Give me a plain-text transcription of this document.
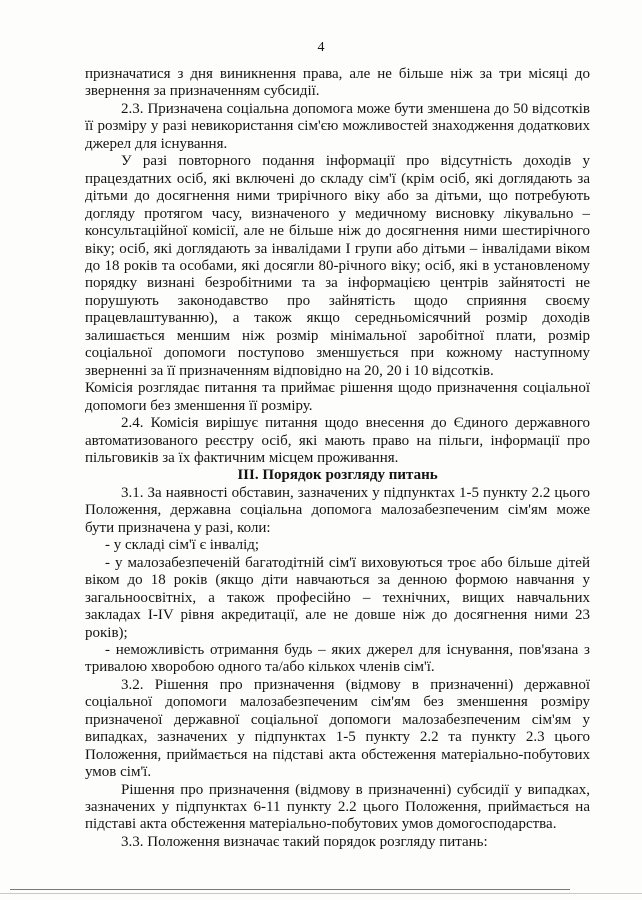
4

призначатися з дня виникнення права, але не більше ніж за три місяці до звернення за призначенням субсидії.

2.3. Призначена соціальна допомога може бути зменшена до 50 відсотків її розміру у разі невикористання сім'єю можливостей знаходження додаткових джерел для існування.

У разі повторного подання інформації про відсутність доходів у працездатних осіб, які включені до складу сім'ї (крім осіб, які доглядають за дітьми до досягнення ними трирічного віку або за дітьми, що потребують догляду протягом часу, визначеного у медичному висновку лікувально – консультаційної комісії, але не більше ніж до досягнення ними шестирічного віку; осіб, які доглядають за інвалідами І групи або дітьми – інвалідами віком до 18 років та особами, які досягли 80-річного віку; осіб, які в установленому порядку визнані безробітними та за інформацією центрів зайнятості не порушують законодавство про зайнятість щодо сприяння своєму працевлаштуванню), а також якщо середньомісячний розмір доходів залишається меншим ніж розмір мінімальної заробітної плати, розмір соціальної допомоги поступово зменшується при кожному наступному зверненні за її призначенням відповідно на 20, 20 і 10 відсотків.

Комісія розглядає питання та приймає рішення щодо призначення соціальної допомоги без зменшення її розміру.

2.4. Комісія вирішує питання щодо внесення до Єдиного державного автоматизованого реєстру осіб, які мають право на пільги, інформації про пільговиків за їх фактичним місцем проживання.

ІІІ. Порядок розгляду питань

3.1. За наявності обставин, зазначених у підпунктах 1-5 пункту 2.2 цього Положення, державна соціальна допомога малозабезпеченим сім'ям може бути призначена у разі, коли:

- у складі сім'ї є інвалід;

- у малозабезпеченій багатодітній сім'ї виховуються троє або більше дітей віком до 18 років (якщо діти навчаються за денною формою навчання у загальноосвітніх, а також професійно – технічних, вищих навчальних закладах І-ІV рівня акредитації, але не довше ніж до досягнення ними 23 років);

- неможливість отримання будь – яких джерел для існування, пов'язана з тривалою хворобою одного та/або кількох членів сім'ї.

3.2. Рішення про призначення (відмову в призначенні) державної соціальної допомоги малозабезпеченим сім'ям без зменшення розміру призначеної державної соціальної допомоги малозабезпеченим сім'ям у випадках, зазначених у підпунктах 1-5 пункту 2.2 та пункту 2.3 цього Положення, приймається на підставі акта обстеження матеріально-побутових умов сім'ї.

Рішення про призначення (відмову в призначенні) субсидії у випадках, зазначених у підпунктах 6-11 пункту 2.2 цього Положення, приймається на підставі акта обстеження матеріально-побутових умов домогосподарства.

3.3. Положення визначає такий порядок розгляду питань:
